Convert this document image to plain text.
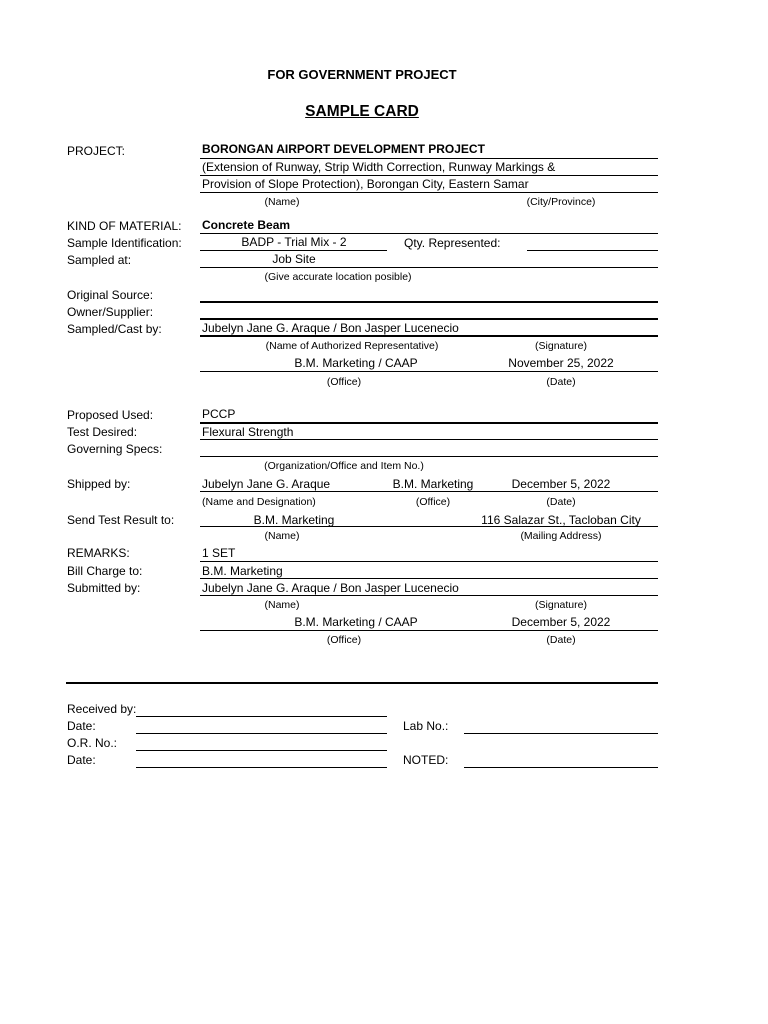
FOR GOVERNMENT PROJECT
SAMPLE CARD
PROJECT:	BORONGAN AIRPORT DEVELOPMENT PROJECT
(Extension of Runway, Strip Width Correction, Runway Markings &
Provision of Slope Protection), Borongan City, Eastern Samar
(Name)	(City/Province)
KIND OF MATERIAL: Concrete Beam
Sample Identification:	BADP - Trial Mix - 2	Qty. Represented:
Sampled at:	Job Site
(Give accurate location posible)
Original Source:
Owner/Supplier:
Sampled/Cast by:	Jubelyn Jane G. Araque / Bon Jasper Lucenecio
(Name of Authorized Representative)	(Signature)
B.M. Marketing / CAAP	November 25, 2022
(Office)	(Date)
Proposed Used:	PCCP
Test Desired:	Flexural Strength
Governing Specs:
(Organization/Office and Item No.)
Shipped by:	Jubelyn Jane G. Araque	B.M. Marketing	December 5, 2022
(Name and Designation)	(Office)	(Date)
Send Test Result to:	B.M. Marketing	116 Salazar St., Tacloban City
(Name)	(Mailing Address)
REMARKS:	1 SET
Bill Charge to:	B.M. Marketing
Submitted by:	Jubelyn Jane G. Araque / Bon Jasper Lucenecio
(Name)	(Signature)
B.M. Marketing / CAAP	December 5, 2022
(Office)	(Date)
Received by:
Date:	Lab No.:
O.R. No.:
Date:	NOTED:
